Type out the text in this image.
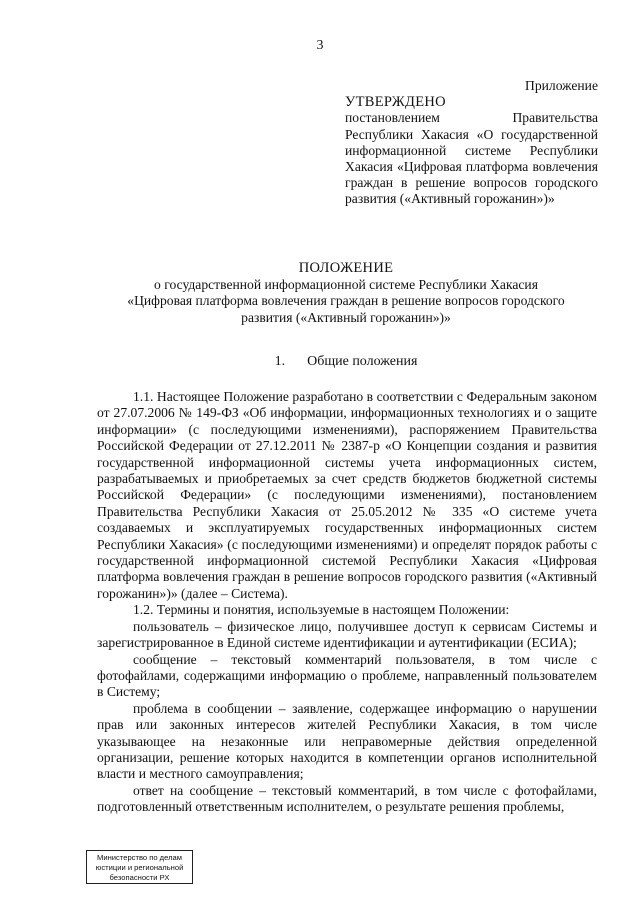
3
Приложение
УТВЕРЖДЕНО

постановлением Правительства Республики Хакасия «О государственной информационной системе Республики Хакасия «Цифровая платформа вовлечения граждан в решение вопросов городского развития («Активный горожанин»)»

ПОЛОЖЕНИЕ
о государственной информационной системе Республики Хакасия
«Цифровая платформа вовлечения граждан в решение вопросов городского
развития («Активный горожанин»)»
1. Общие положения

1.1. Настоящее Положение разработано в соответствии с Федеральным законом от 27.07.2006 № 149-ФЗ «Об информации, информационных технологиях и о защите информации» (с последующими изменениями), распоряжением Правительства Российской Федерации от 27.12.2011 № 2387-р «О Концепции создания и развития государственной информационной системы учета информационных систем, разрабатываемых и приобретаемых за счет средств бюджетов бюджетной системы Российской Федерации» (с последующими изменениями), постановлением Правительства Республики Хакасия от 25.05.2012 № 335 «О системе учета создаваемых и эксплуатируемых государственных информационных систем Республики Хакасия» (с последующими изменениями) и определят порядок работы с государственной информационной системой Республики Хакасия «Цифровая платформа вовлечения граждан в решение вопросов городского развития («Активный горожанин»)» (далее – Система).

1.2. Термины и понятия, используемые в настоящем Положении:

пользователь – физическое лицо, получившее доступ к сервисам Системы и зарегистрированное в Единой системе идентификации и аутентификации (ЕСИА);

сообщение – текстовый комментарий пользователя, в том числе с фотофайлами, содержащими информацию о проблеме, направленный пользователем в Систему;

проблема в сообщении – заявление, содержащее информацию о нарушении прав или законных интересов жителей Республики Хакасия, в том числе указывающее на незаконные или неправомерные действия определенной организации, решение которых находится в компетенции органов исполнительной власти и местного самоуправления;

ответ на сообщение – текстовый комментарий, в том числе с фотофайлами, подготовленный ответственным исполнителем, о результате решения проблемы,

Министерство по делам
юстиции и региональной
безопасности РХ
